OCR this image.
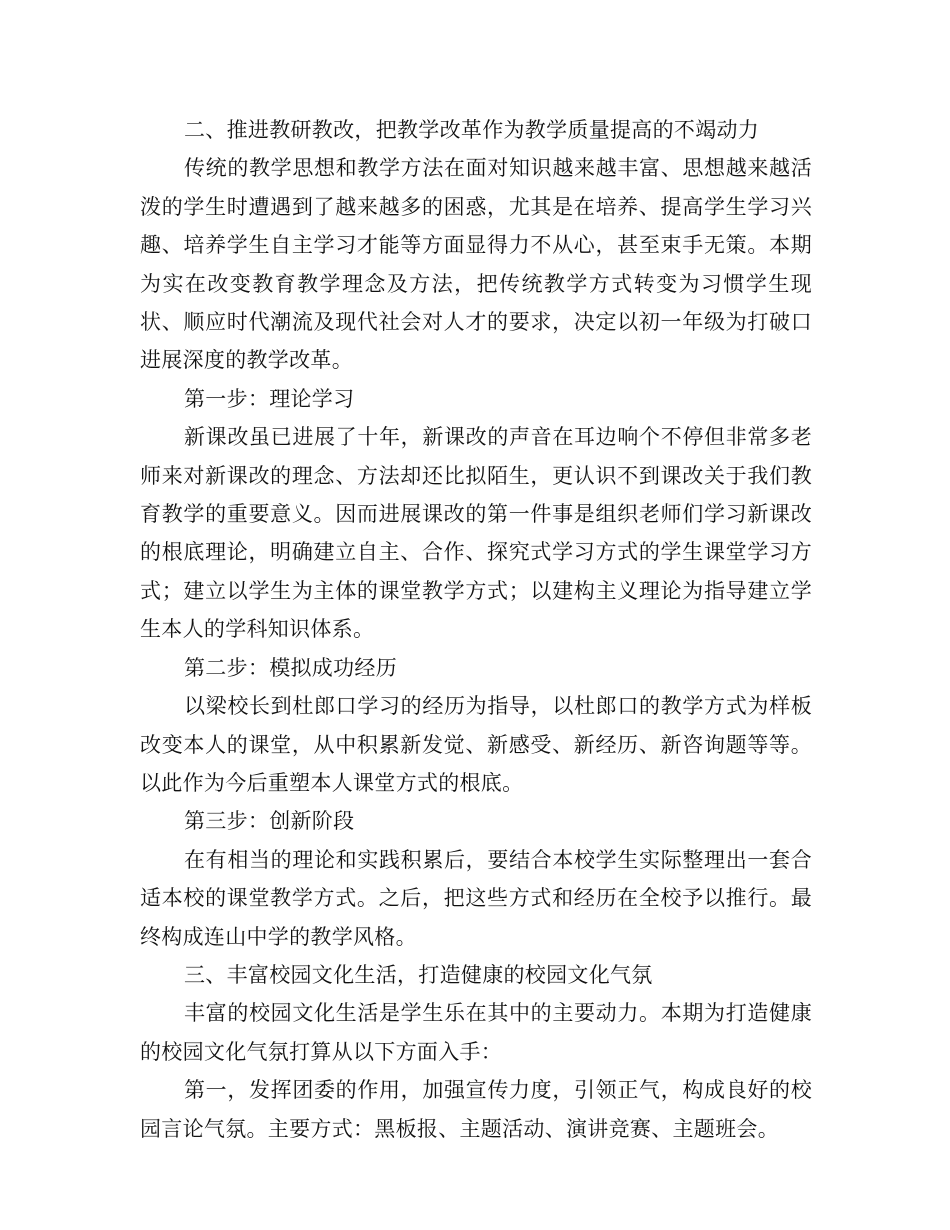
二、推进教研教改，把教学改革作为教学质量提高的不竭动力

传统的教学思想和教学方法在面对知识越来越丰富、思想越来越活泼的学生时遭遇到了越来越多的困惑，尤其是在培养、提高学生学习兴趣、培养学生自主学习才能等方面显得力不从心，甚至束手无策。本期为实在改变教育教学理念及方法，把传统教学方式转变为习惯学生现状、顺应时代潮流及现代社会对人才的要求，决定以初一年级为打破口进展深度的教学改革。

第一步：理论学习

新课改虽已进展了十年，新课改的声音在耳边响个不停但非常多老师来对新课改的理念、方法却还比拟陌生，更认识不到课改关于我们教育教学的重要意义。因而进展课改的第一件事是组织老师们学习新课改的根底理论，明确建立自主、合作、探究式学习方式的学生课堂学习方式；建立以学生为主体的课堂教学方式；以建构主义理论为指导建立学生本人的学科知识体系。

第二步：模拟成功经历

以梁校长到杜郎口学习的经历为指导，以杜郎口的教学方式为样板改变本人的课堂，从中积累新发觉、新感受、新经历、新咨询题等等。以此作为今后重塑本人课堂方式的根底。

第三步：创新阶段

在有相当的理论和实践积累后，要结合本校学生实际整理出一套合适本校的课堂教学方式。之后，把这些方式和经历在全校予以推行。最终构成连山中学的教学风格。

三、丰富校园文化生活，打造健康的校园文化气氛

丰富的校园文化生活是学生乐在其中的主要动力。本期为打造健康的校园文化气氛打算从以下方面入手：

第一，发挥团委的作用，加强宣传力度，引领正气，构成良好的校园言论气氛。主要方式：黑板报、主题活动、演讲竞赛、主题班会。
